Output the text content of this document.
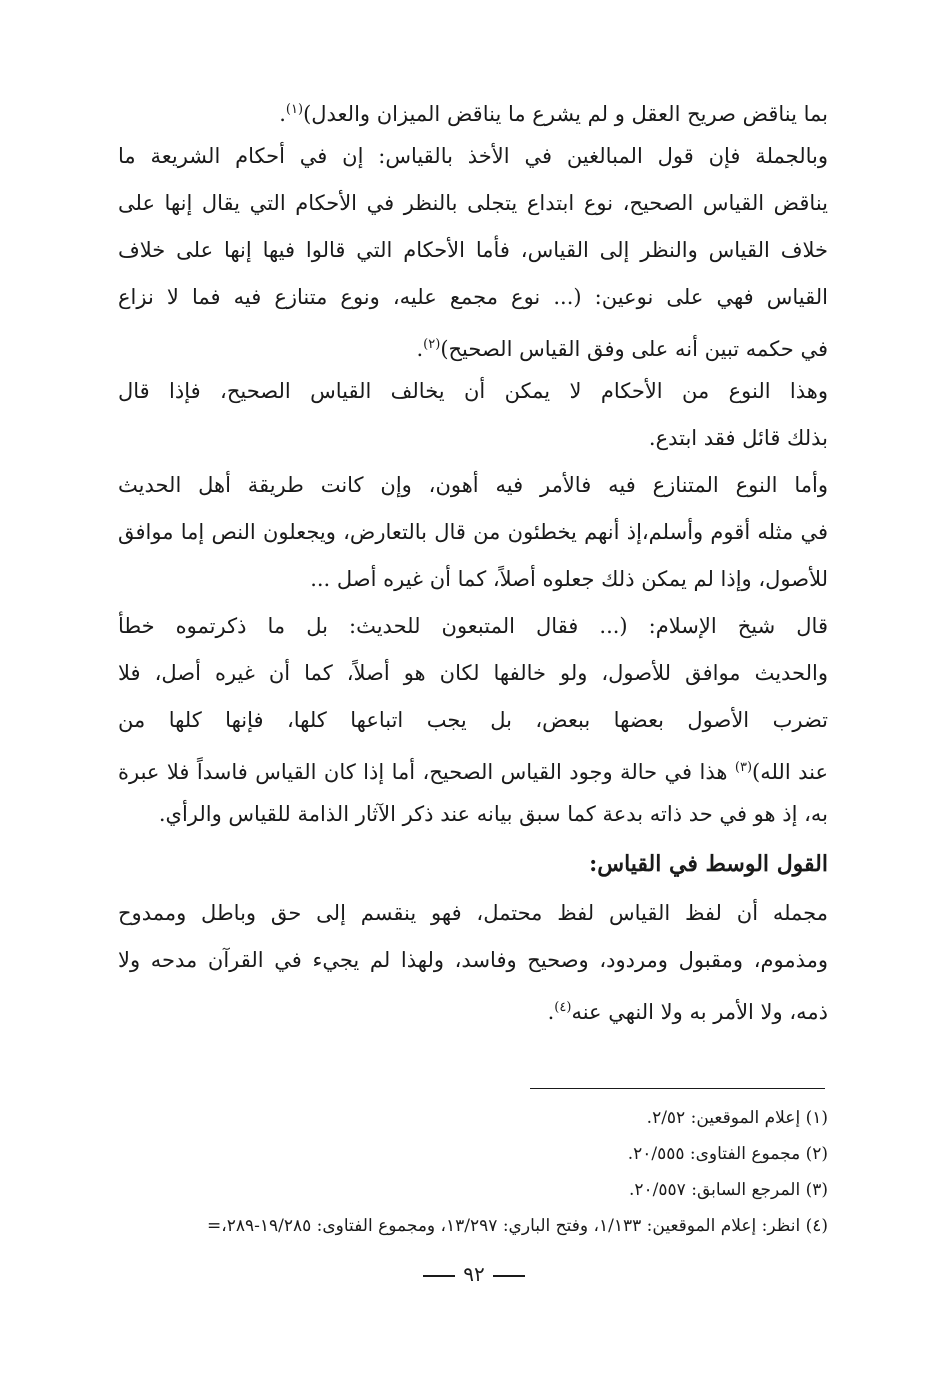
بما يناقض صريح العقل و لم يشرع ما يناقض الميزان والعدل)$^{(١)}$.
وبالجملة فإن قول المبالغين في الأخذ بالقياس: إن في أحكام الشريعة ما
يناقض القياس الصحيح، نوع ابتداع يتجلى بالنظر في الأحكام التي يقال إنها على
خلاف القياس والنظر إلى القياس، فأما الأحكام التي قالوا فيها إنها على خلاف
القياس فهي على نوعين: (... نوع مجمع عليه، ونوع متنازع فيه فما لا نزاع
في حكمه تبين أنه على وفق القياس الصحيح)$^{(٢)}$.
وهذا النوع من الأحكام لا يمكن أن يخالف القياس الصحيح، فإذا قال
بذلك قائل فقد ابتدع.
وأما النوع المتنازع فيه فالأمر فيه أهون، وإن كانت طريقة أهل الحديث
في مثله أقوم وأسلم،إذ أنهم يخطئون من قال بالتعارض، ويجعلون النص إما موافق
للأصول، وإذا لم يمكن ذلك جعلوه أصلاً، كما أن غيره أصل ...
قال شيخ الإسلام: (... فقال المتبعون للحديث: بل ما ذكرتموه خطأ
والحديث موافق للأصول، ولو خالفها لكان هو أصلاً، كما أن غيره أصل، فلا
تضرب الأصول بعضها ببعض، بل يجب اتباعها كلها، فإنها كلها من
عند الله)$^{(٣)}$ هذا في حالة وجود القياس الصحيح، أما إذا كان القياس فاسداً فلا عبرة
به، إذ هو في حد ذاته بدعة كما سبق بيانه عند ذكر الآثار الذامة للقياس والرأي.
القول الوسط في القياس:
مجمله أن لفظ القياس لفظ محتمل، فهو ينقسم إلى حق وباطل وممدوح
ومذموم، ومقبول ومردود، وصحيح وفاسد، ولهذا لم يجيء في القرآن مدحه ولا
ذمه، ولا الأمر به ولا النهي عنه$^{(٤)}$.
(١) إعلام الموقعين: ٢/٥٢.
(٢) مجموع الفتاوى: ٢٠/٥٥٥.
(٣) المرجع السابق: ٢٠/٥٥٧.
(٤) انظر: إعلام الموقعين: ١/١٣٣، وفتح الباري: ١٣/٢٩٧، ومجموع الفتاوى: ١٩/٢٨٥-٢٨٩،=
٩٢
